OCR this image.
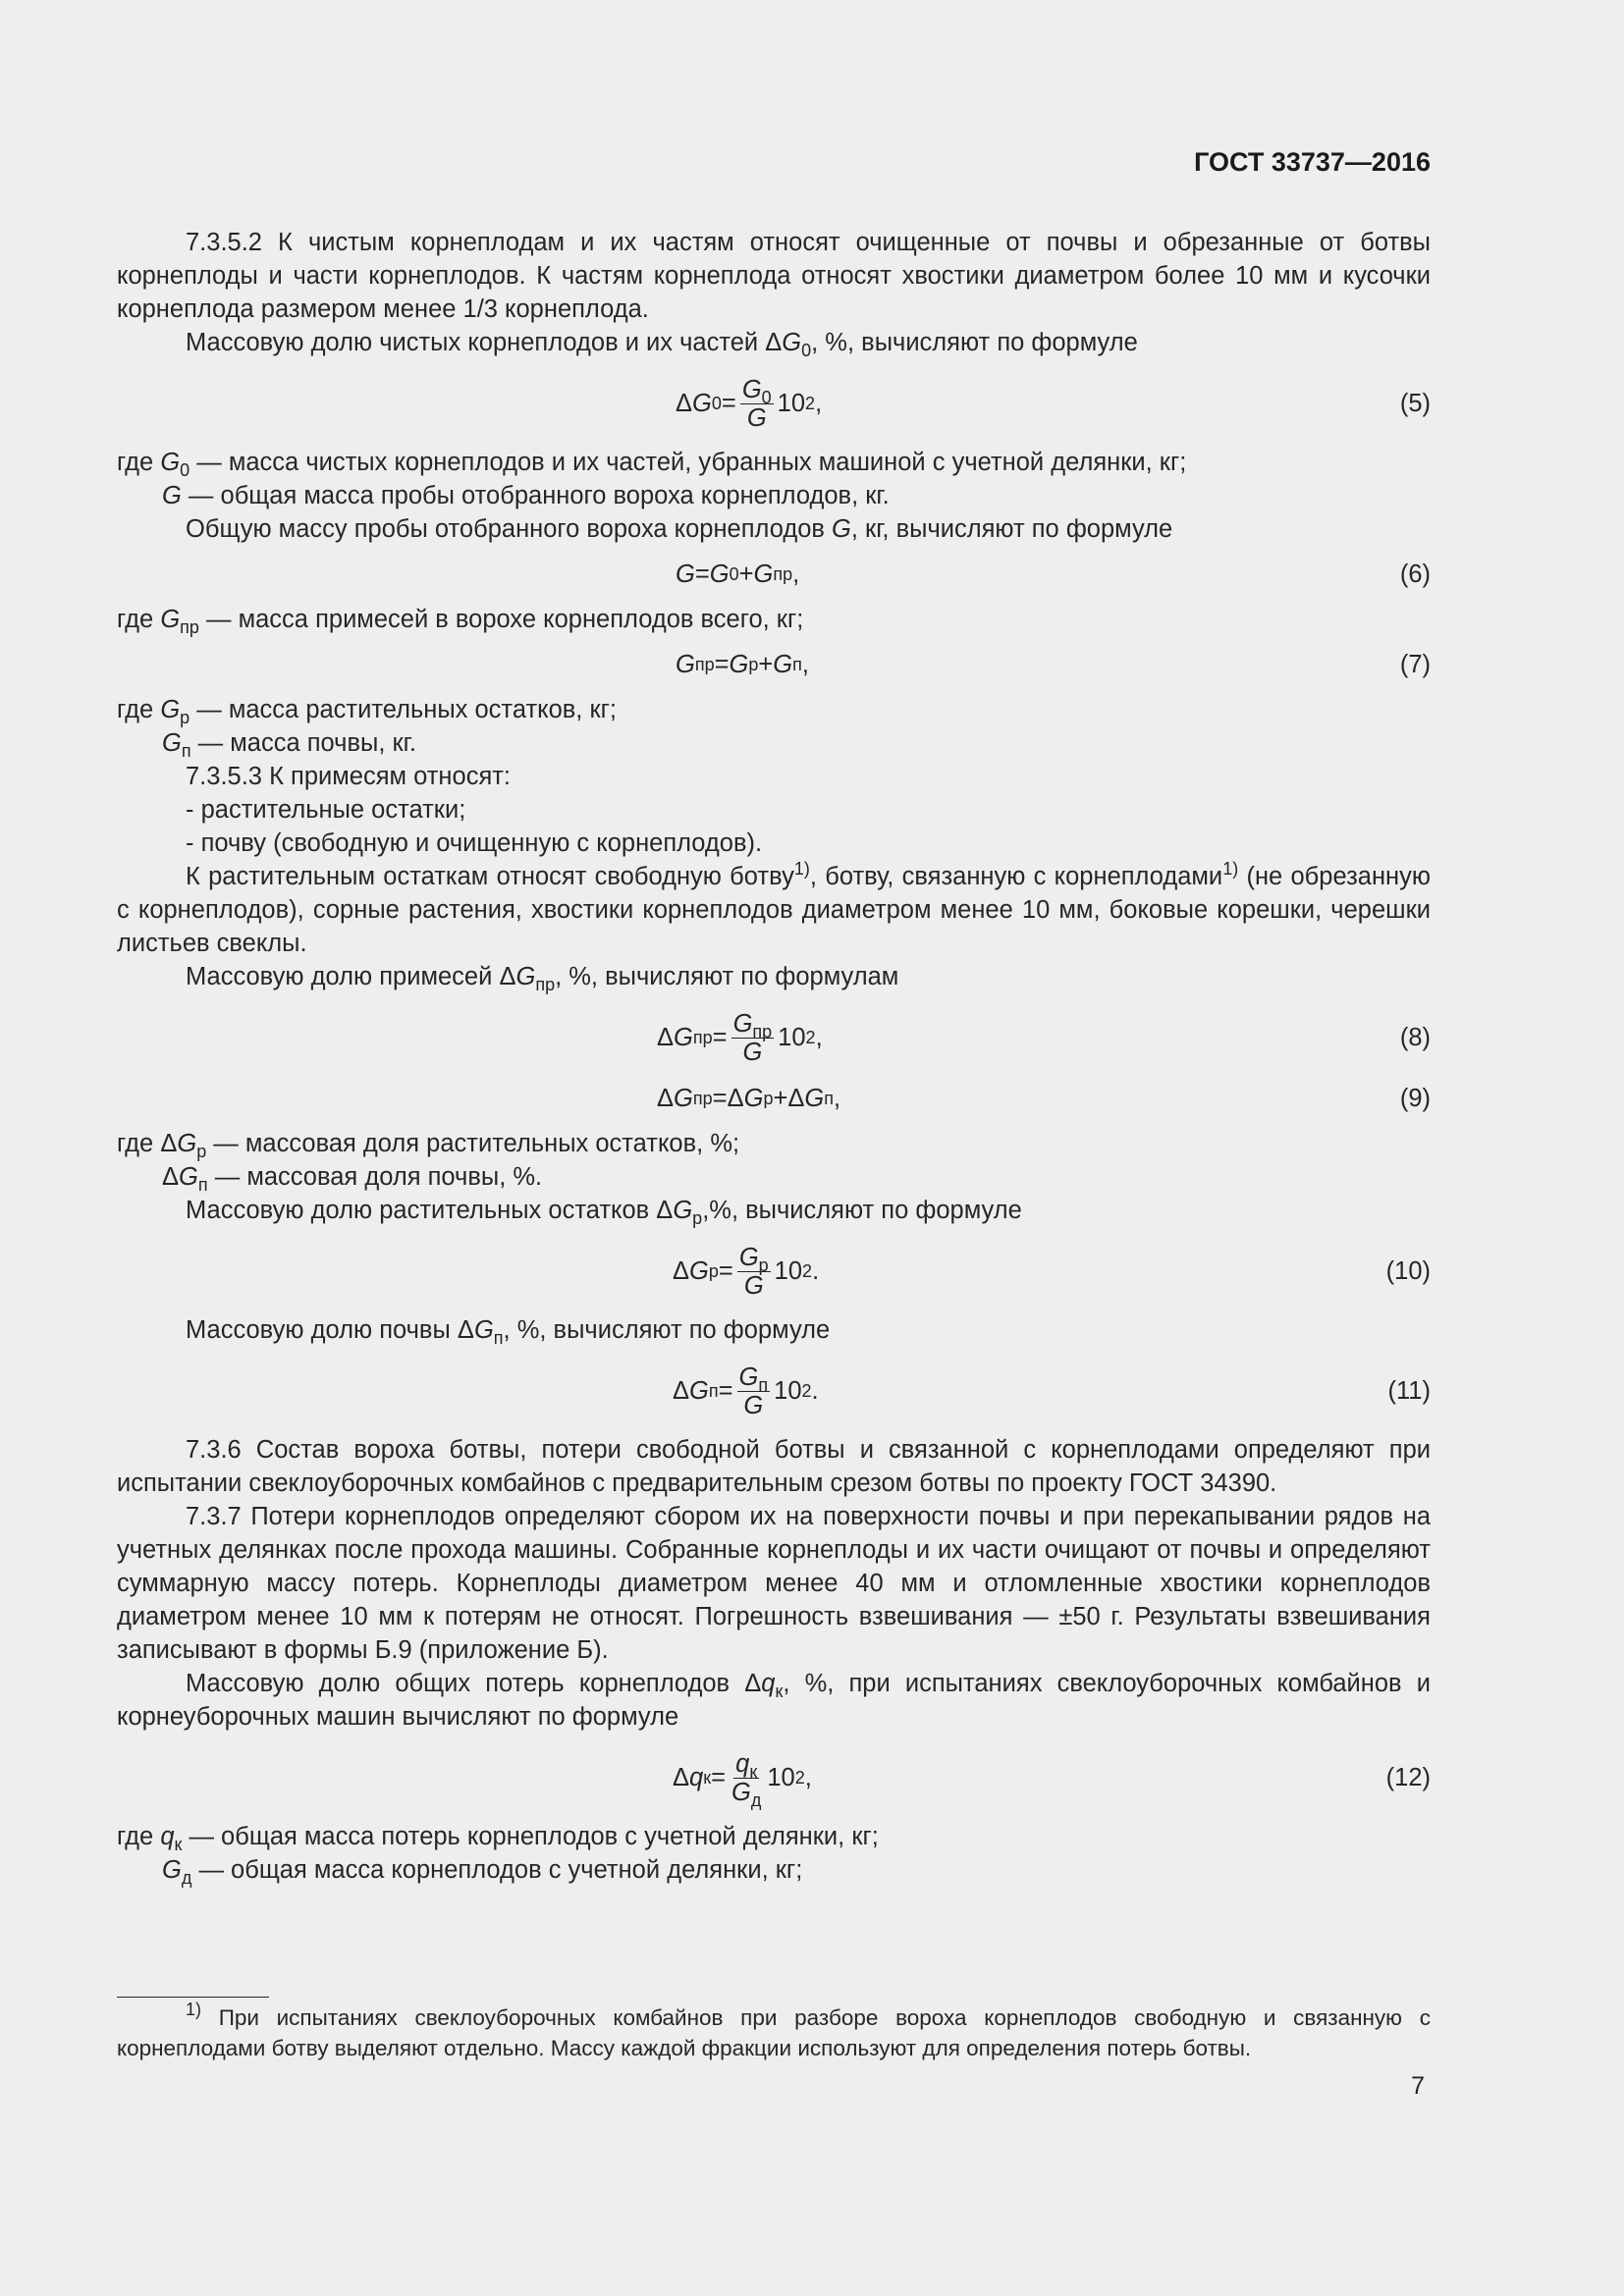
ГОСТ 33737—2016

7.3.5.2 К чистым корнеплодам и их частям относят очищенные от почвы и обрезанные от ботвы корнеплоды и части корнеплодов. К частям корнеплода относят хвостики диаметром более 10 мм и кусочки корнеплода размером менее 1/3 корнеплода.

Массовую долю чистых корнеплодов и их частей $\Delta G_0$, %, вычисляют по формуле

Δ G $0 = \frac{G_0}{G} 10$ 2 ,	(5)

где $G_0$ — масса чистых корнеплодов и их частей, убранных машиной с учетной делянки, кг;

G — общая масса пробы отобранного вороха корнеплодов, кг.

Общую массу пробы отобранного вороха корнеплодов G, кг, вычисляют по формуле

G = G 0 + G пр ,	(6)

где $G_{пр}$ — масса примесей в ворохе корнеплодов всего, кг;

G пр = G р + G п ,	(7)

где $G_р$ — масса растительных остатков, кг;

$G_п$ — масса почвы, кг.

7.3.5.3 К примесям относят:

- растительные остатки;

- почву (свободную и очищенную с корнеплодов).

К растительным остаткам относят свободную ботву$^{1)}$, ботву, связанную с корнеплодами$^{1)}$ (не обрезанную с корнеплодов), сорные растения, хвостики корнеплодов диаметром менее 10 мм, боковые корешки, черешки листьев свеклы.

Массовую долю примесей $\Delta G_{пр}$, %, вычисляют по формулам

Δ G пр = $\frac{G_{пр}}{G} 10$ 2 ,	(8)
Δ G пр = Δ G р + Δ G п ,	(9)

где $\Delta G_р$ — массовая доля растительных остатков, %;

$\Delta G_п$ — массовая доля почвы, %.

Массовую долю растительных остатков $\Delta G_р,\%$, вычисляют по формуле

Δ G $р = \frac{G_р}{G} 10$ 2 .	(10)

Массовую долю почвы $\Delta G_п$, %, вычисляют по формуле

Δ G $п = \frac{G_п}{G} 10$ 2 .	(11)

7.3.6 Состав вороха ботвы, потери свободной ботвы и связанной с корнеплодами определяют при испытании свеклоуборочных комбайнов с предварительным срезом ботвы по проекту ГОСТ 34390.

7.3.7 Потери корнеплодов определяют сбором их на поверхности почвы и при перекапывании рядов на учетных делянках после прохода машины. Собранные корнеплоды и их части очищают от почвы и определяют суммарную массу потерь. Корнеплоды диаметром менее 40 мм и отломленные хвостики корнеплодов диаметром менее 10 мм к потерям не относят. Погрешность взвешивания — ±50 г. Результаты взвешивания записывают в формы Б.9 (приложение Б).

Массовую долю общих потерь корнеплодов $\Delta q_к$, %, при испытаниях свеклоуборочных комбайнов и корнеуборочных машин вычисляют по формуле

Δ q $к = \frac{q_к}{G_д} 10$ 2 ,	(12)

где $q_к$ — общая масса потерь корнеплодов с учетной делянки, кг;

$G_д$ — общая масса корнеплодов с учетной делянки, кг;

$^{1)}$ При испытаниях свеклоуборочных комбайнов при разборе вороха корнеплодов свободную и связанную с корнеплодами ботву выделяют отдельно. Массу каждой фракции используют для определения потерь ботвы.
7
